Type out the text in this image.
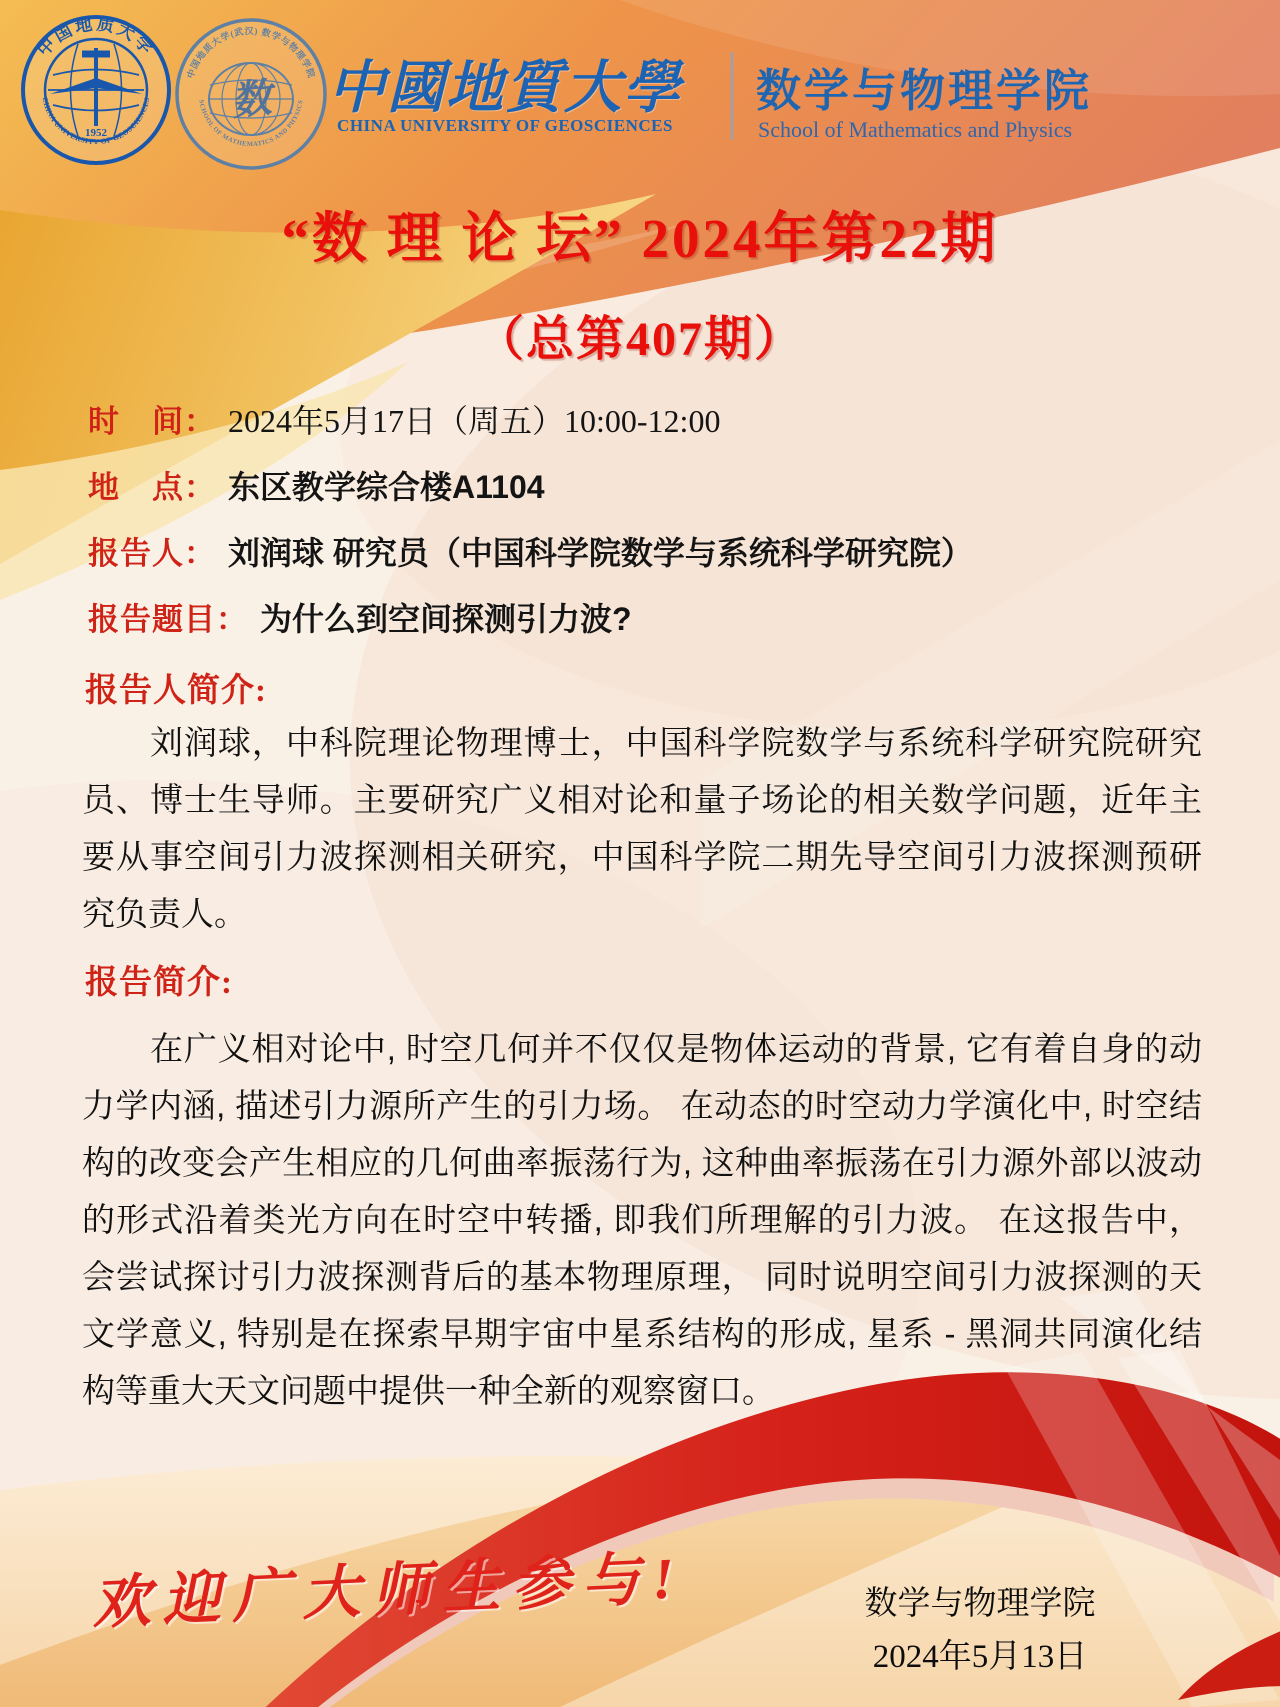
中国地质大学
CHINA UNIVERSITY OF GEOSCIENCES
1952
中国地质大学(武汉) 数学与物理学院
SCHOOL OF MATHEMATICS AND PHYSICS
数 中國地質大學
CHINA UNIVERSITY OF GEOSCIENCES
数学与物理学院
School of Mathematics and Physics
“数 理 论 坛” 2024年第22期
（总第407期）
时　间： 2024年5月17日（周五）10:00-12:00
地　点： 东区教学综合楼A1104
报告人： 刘润球 研究员（中国科学院数学与系统科学研究院）
报告题目： 为什么到空间探测引力波?
报告人简介:
刘润球，中科院理论物理博士，中国科学院数学与系统科学研究院研究员、博士生导师。主要研究广义相对论和量子场论的相关数学问题，近年主要从事空间引力波探测相关研究，中国科学院二期先导空间引力波探测预研究负责人。
报告简介:
在广义相对论中, 时空几何并不仅仅是物体运动的背景, 它有着自身的动力学内涵, 描述引力源所产生的引力场。 在动态的时空动力学演化中, 时空结构的改变会产生相应的几何曲率振荡行为, 这种曲率振荡在引力源外部以波动的形式沿着类光方向在时空中转播, 即我们所理解的引力波。 在这报告中， 会尝试探讨引力波探测背后的基本物理原理， 同时说明空间引力波探测的天文学意义, 特别是在探索早期宇宙中星系结构的形成, 星系 - 黑洞共同演化结构等重大天文问题中提供一种全新的观察窗口。
欢迎广大师生参与!	数学与物理学院
2024年5月13日
